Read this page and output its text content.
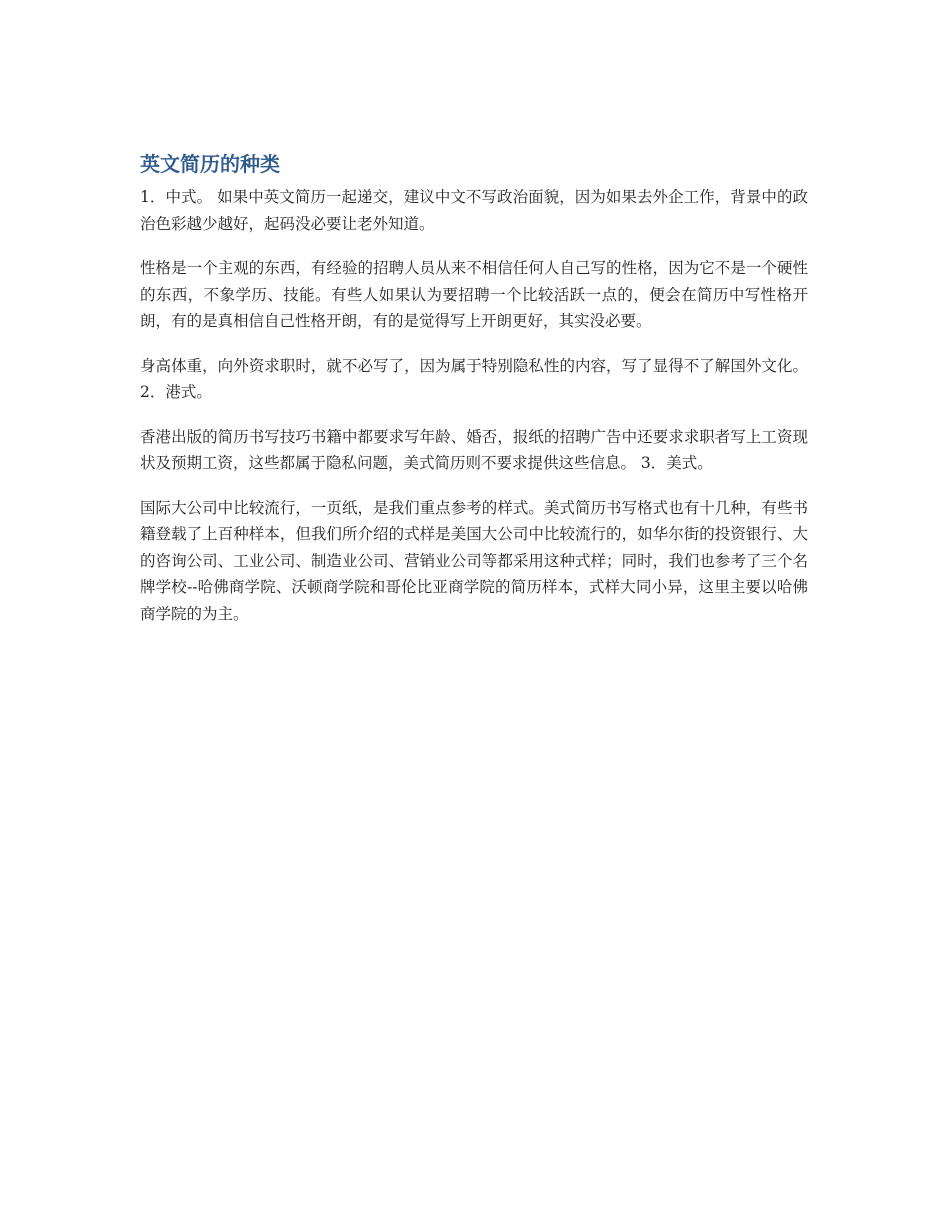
英文简历的种类

1．中式。 如果中英文简历一起递交，建议中文不写政治面貌，因为如果去外企工作，背景中的政治色彩越少越好，起码没必要让老外知道。

性格是一个主观的东西，有经验的招聘人员从来不相信任何人自己写的性格，因为它不是一个硬性的东西，不象学历、技能。有些人如果认为要招聘一个比较活跃一点的，便会在简历中写性格开朗，有的是真相信自己性格开朗，有的是觉得写上开朗更好，其实没必要。

身高体重，向外资求职时，就不必写了，因为属于特别隐私性的内容，写了显得不了解国外文化。 2．港式。

香港出版的简历书写技巧书籍中都要求写年龄、婚否，报纸的招聘广告中还要求求职者写上工资现状及预期工资，这些都属于隐私问题，美式简历则不要求提供这些信息。 3．美式。

国际大公司中比较流行，一页纸，是我们重点参考的样式。美式简历书写格式也有十几种，有些书籍登载了上百种样本，但我们所介绍的式样是美国大公司中比较流行的，如华尔街的投资银行、大的咨询公司、工业公司、制造业公司、营销业公司等都采用这种式样；同时，我们也参考了三个名牌学校--哈佛商学院、沃顿商学院和哥伦比亚商学院的简历样本，式样大同小异，这里主要以哈佛商学院的为主。
